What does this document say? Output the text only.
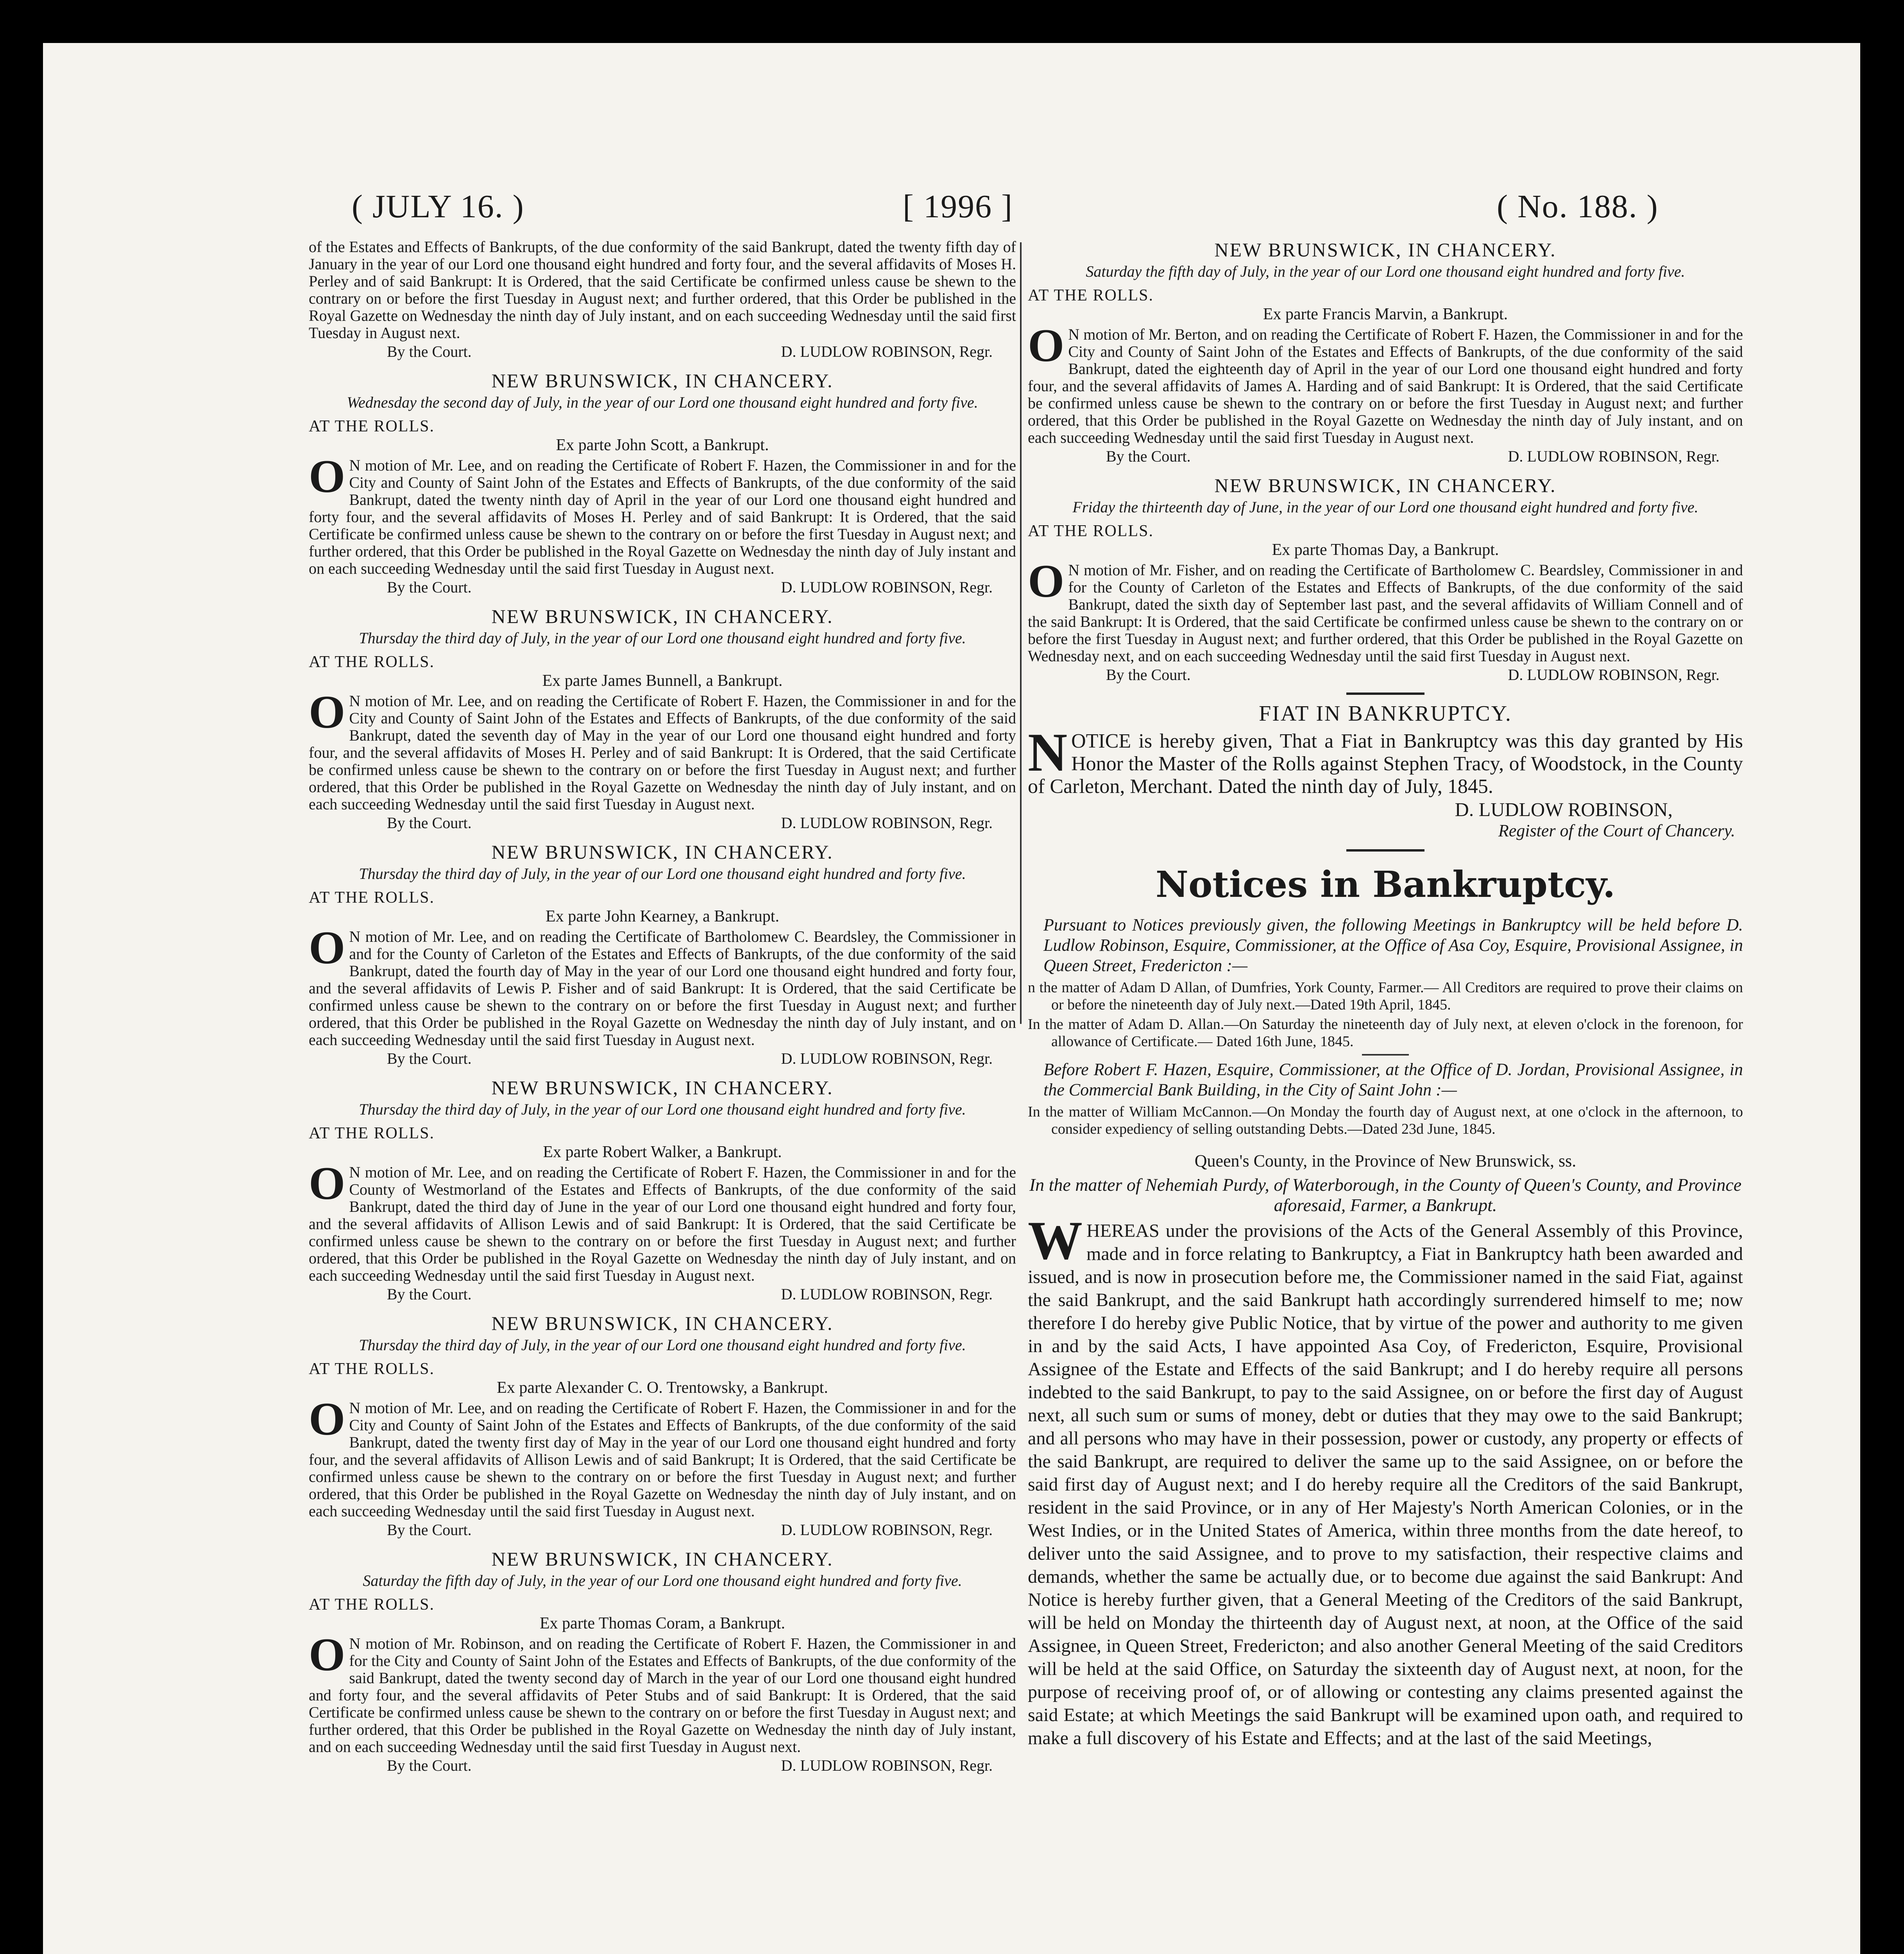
( JULY 16. )	[ 1996 ]	( No. 188. )

of the Estates and Effects of Bankrupts, of the due conformity of the said Bankrupt, dated the twenty fifth day of January in the year of our Lord one thousand eight hundred and forty four, and the several affidavits of Moses H. Perley and of said Bankrupt: It is Ordered, that the said Certificate be confirmed unless cause be shewn to the contrary on or before the first Tuesday in August next; and further ordered, that this Order be published in the Royal Gazette on Wednesday the ninth day of July instant, and on each succeeding Wednesday until the said first Tuesday in August next.

By the Court.	D. LUDLOW ROBINSON, Regr.
NEW BRUNSWICK, IN CHANCERY.
Wednesday the second day of July, in the year of our Lord one thousand eight hundred and forty five.
AT THE ROLLS.
Ex parte John Scott, a Bankrupt.

ON motion of Mr. Lee, and on reading the Certificate of Robert F. Hazen, the Commissioner in and for the City and County of Saint John of the Estates and Effects of Bankrupts, of the due conformity of the said Bankrupt, dated the twenty ninth day of April in the year of our Lord one thousand eight hundred and forty four, and the several affidavits of Moses H. Perley and of said Bankrupt: It is Ordered, that the said Certificate be confirmed unless cause be shewn to the contrary on or before the first Tuesday in August next; and further ordered, that this Order be published in the Royal Gazette on Wednesday the ninth day of July instant and on each succeeding Wednesday until the said first Tuesday in August next.

By the Court.	D. LUDLOW ROBINSON, Regr.
NEW BRUNSWICK, IN CHANCERY.
Thursday the third day of July, in the year of our Lord one thousand eight hundred and forty five.
AT THE ROLLS.
Ex parte James Bunnell, a Bankrupt.

ON motion of Mr. Lee, and on reading the Certificate of Robert F. Hazen, the Commissioner in and for the City and County of Saint John of the Estates and Effects of Bankrupts, of the due conformity of the said Bankrupt, dated the seventh day of May in the year of our Lord one thousand eight hundred and forty four, and the several affidavits of Moses H. Perley and of said Bankrupt: It is Ordered, that the said Certificate be confirmed unless cause be shewn to the contrary on or before the first Tuesday in August next; and further ordered, that this Order be published in the Royal Gazette on Wednesday the ninth day of July instant, and on each succeeding Wednesday until the said first Tuesday in August next.

By the Court.	D. LUDLOW ROBINSON, Regr.
NEW BRUNSWICK, IN CHANCERY.
Thursday the third day of July, in the year of our Lord one thousand eight hundred and forty five.
AT THE ROLLS.
Ex parte John Kearney, a Bankrupt.

ON motion of Mr. Lee, and on reading the Certificate of Bartholomew C. Beardsley, the Commissioner in and for the County of Carleton of the Estates and Effects of Bankrupts, of the due conformity of the said Bankrupt, dated the fourth day of May in the year of our Lord one thousand eight hundred and forty four, and the several affidavits of Lewis P. Fisher and of said Bankrupt: It is Ordered, that the said Certificate be confirmed unless cause be shewn to the contrary on or before the first Tuesday in August next; and further ordered, that this Order be published in the Royal Gazette on Wednesday the ninth day of July instant, and on each succeeding Wednesday until the said first Tuesday in August next.

By the Court.	D. LUDLOW ROBINSON, Regr.
NEW BRUNSWICK, IN CHANCERY.
Thursday the third day of July, in the year of our Lord one thousand eight hundred and forty five.
AT THE ROLLS.
Ex parte Robert Walker, a Bankrupt.

ON motion of Mr. Lee, and on reading the Certificate of Robert F. Hazen, the Commissioner in and for the County of Westmorland of the Estates and Effects of Bankrupts, of the due conformity of the said Bankrupt, dated the third day of June in the year of our Lord one thousand eight hundred and forty four, and the several affidavits of Allison Lewis and of said Bankrupt: It is Ordered, that the said Certificate be confirmed unless cause be shewn to the contrary on or before the first Tuesday in August next; and further ordered, that this Order be published in the Royal Gazette on Wednesday the ninth day of July instant, and on each succeeding Wednesday until the said first Tuesday in August next.

By the Court.	D. LUDLOW ROBINSON, Regr.
NEW BRUNSWICK, IN CHANCERY.
Thursday the third day of July, in the year of our Lord one thousand eight hundred and forty five.
AT THE ROLLS.
Ex parte Alexander C. O. Trentowsky, a Bankrupt.

ON motion of Mr. Lee, and on reading the Certificate of Robert F. Hazen, the Commissioner in and for the City and County of Saint John of the Estates and Effects of Bankrupts, of the due conformity of the said Bankrupt, dated the twenty first day of May in the year of our Lord one thousand eight hundred and forty four, and the several affidavits of Allison Lewis and of said Bankrupt; It is Ordered, that the said Certificate be confirmed unless cause be shewn to the contrary on or before the first Tuesday in August next; and further ordered, that this Order be published in the Royal Gazette on Wednesday the ninth day of July instant, and on each succeeding Wednesday until the said first Tuesday in August next.

By the Court.	D. LUDLOW ROBINSON, Regr.
NEW BRUNSWICK, IN CHANCERY.
Saturday the fifth day of July, in the year of our Lord one thousand eight hundred and forty five.
AT THE ROLLS.
Ex parte Thomas Coram, a Bankrupt.

ON motion of Mr. Robinson, and on reading the Certificate of Robert F. Hazen, the Commissioner in and for the City and County of Saint John of the Estates and Effects of Bankrupts, of the due conformity of the said Bankrupt, dated the twenty second day of March in the year of our Lord one thousand eight hundred and forty four, and the several affidavits of Peter Stubs and of said Bankrupt: It is Ordered, that the said Certificate be confirmed unless cause be shewn to the contrary on or before the first Tuesday in August next; and further ordered, that this Order be published in the Royal Gazette on Wednesday the ninth day of July instant, and on each succeeding Wednesday until the said first Tuesday in August next.

By the Court.	D. LUDLOW ROBINSON, Regr.
NEW BRUNSWICK, IN CHANCERY.
Saturday the fifth day of July, in the year of our Lord one thousand eight hundred and forty five.
AT THE ROLLS.
Ex parte Francis Marvin, a Bankrupt.

ON motion of Mr. Berton, and on reading the Certificate of Robert F. Hazen, the Commissioner in and for the City and County of Saint John of the Estates and Effects of Bankrupts, of the due conformity of the said Bankrupt, dated the eighteenth day of April in the year of our Lord one thousand eight hundred and forty four, and the several affidavits of James A. Harding and of said Bankrupt: It is Ordered, that the said Certificate be confirmed unless cause be shewn to the contrary on or before the first Tuesday in August next; and further ordered, that this Order be published in the Royal Gazette on Wednesday the ninth day of July instant, and on each succeeding Wednesday until the said first Tuesday in August next.

By the Court.	D. LUDLOW ROBINSON, Regr.
NEW BRUNSWICK, IN CHANCERY.
Friday the thirteenth day of June, in the year of our Lord one thousand eight hundred and forty five.
AT THE ROLLS.
Ex parte Thomas Day, a Bankrupt.

ON motion of Mr. Fisher, and on reading the Certificate of Bartholomew C. Beardsley, Commissioner in and for the County of Carleton of the Estates and Effects of Bankrupts, of the due conformity of the said Bankrupt, dated the sixth day of September last past, and the several affidavits of William Connell and of the said Bankrupt: It is Ordered, that the said Certificate be confirmed unless cause be shewn to the contrary on or before the first Tuesday in August next; and further ordered, that this Order be published in the Royal Gazette on Wednesday next, and on each succeeding Wednesday until the said first Tuesday in August next.

By the Court.	D. LUDLOW ROBINSON, Regr.
FIAT IN BANKRUPTCY.

NOTICE is hereby given, That a Fiat in Bankruptcy was this day granted by His Honor the Master of the Rolls against Stephen Tracy, of Woodstock, in the County of Carleton, Merchant. Dated the ninth day of July, 1845.

D. LUDLOW ROBINSON,
Register of the Court of Chancery.
Notices in Bankruptcy.

Pursuant to Notices previously given, the following Meetings in Bankruptcy will be held before D. Ludlow Robinson, Esquire, Commissioner, at the Office of Asa Coy, Esquire, Provisional Assignee, in Queen Street, Fredericton :—

n the matter of Adam D Allan, of Dumfries, York County, Farmer.— All Creditors are required to prove their claims on or before the nineteenth day of July next.—Dated 19th April, 1845.

In the matter of Adam D. Allan.—On Saturday the nineteenth day of July next, at eleven o'clock in the forenoon, for allowance of Certificate.— Dated 16th June, 1845.

Before Robert F. Hazen, Esquire, Commissioner, at the Office of D. Jordan, Provisional Assignee, in the Commercial Bank Building, in the City of Saint John :—

In the matter of William McCannon.—On Monday the fourth day of August next, at one o'clock in the afternoon, to consider expediency of selling outstanding Debts.—Dated 23d June, 1845.

Queen's County, in the Province of New Brunswick, ss.
In the matter of Nehemiah Purdy, of Waterborough, in the County of Queen's County, and Province aforesaid, Farmer, a Bankrupt.

WHEREAS under the provisions of the Acts of the General Assembly of this Province, made and in force relating to Bankruptcy, a Fiat in Bankruptcy hath been awarded and issued, and is now in prosecution before me, the Commissioner named in the said Fiat, against the said Bankrupt, and the said Bankrupt hath accordingly surrendered himself to me; now therefore I do hereby give Public Notice, that by virtue of the power and authority to me given in and by the said Acts, I have appointed Asa Coy, of Fredericton, Esquire, Provisional Assignee of the Estate and Effects of the said Bankrupt; and I do hereby require all persons indebted to the said Bankrupt, to pay to the said Assignee, on or before the first day of August next, all such sum or sums of money, debt or duties that they may owe to the said Bankrupt; and all persons who may have in their possession, power or custody, any property or effects of the said Bankrupt, are required to deliver the same up to the said Assignee, on or before the said first day of August next; and I do hereby require all the Creditors of the said Bankrupt, resident in the said Province, or in any of Her Majesty's North American Colonies, or in the West Indies, or in the United States of America, within three months from the date hereof, to deliver unto the said Assignee, and to prove to my satisfaction, their respective claims and demands, whether the same be actually due, or to become due against the said Bankrupt: And Notice is hereby further given, that a General Meeting of the Creditors of the said Bankrupt, will be held on Monday the thirteenth day of August next, at noon, at the Office of the said Assignee, in Queen Street, Fredericton; and also another General Meeting of the said Creditors will be held at the said Office, on Saturday the sixteenth day of August next, at noon, for the purpose of receiving proof of, or of allowing or contesting any claims presented against the said Estate; at which Meetings the said Bankrupt will be examined upon oath, and required to make a full discovery of his Estate and Effects; and at the last of the said Meetings,
